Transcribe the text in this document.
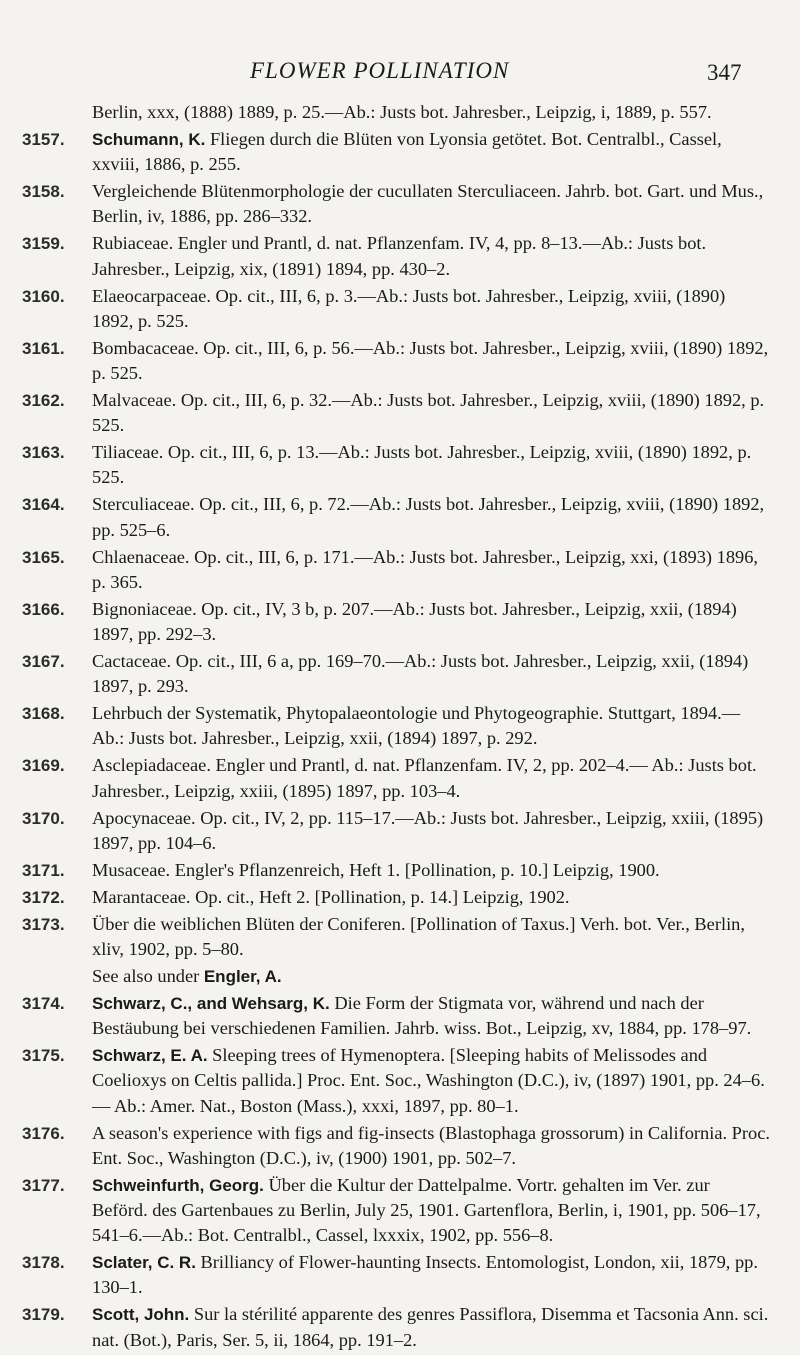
FLOWER POLLINATION	347
Berlin, xxx, (1888) 1889, p. 25.—Ab.: Justs bot. Jahresber., Leipzig, i, 1889, p. 557.
3157.	Schumann, K. Fliegen durch die Blüten von Lyonsia getötet. Bot. Centralbl., Cassel, xxviii, 1886, p. 255.
3158.	Vergleichende Blütenmorphologie der cucullaten Sterculiaceen. Jahrb. bot. Gart. und Mus., Berlin, iv, 1886, pp. 286–332.
3159.	Rubiaceae. Engler und Prantl, d. nat. Pflanzenfam. IV, 4, pp. 8–13.—Ab.: Justs bot. Jahresber., Leipzig, xix, (1891) 1894, pp. 430–2.
3160.	Elaeocarpaceae. Op. cit., III, 6, p. 3.—Ab.: Justs bot. Jahresber., Leipzig, xviii, (1890) 1892, p. 525.
3161.	Bombacaceae. Op. cit., III, 6, p. 56.—Ab.: Justs bot. Jahresber., Leipzig, xviii, (1890) 1892, p. 525.
3162.	Malvaceae. Op. cit., III, 6, p. 32.—Ab.: Justs bot. Jahresber., Leipzig, xviii, (1890) 1892, p. 525.
3163.	Tiliaceae. Op. cit., III, 6, p. 13.—Ab.: Justs bot. Jahresber., Leipzig, xviii, (1890) 1892, p. 525.
3164.	Sterculiaceae. Op. cit., III, 6, p. 72.—Ab.: Justs bot. Jahresber., Leipzig, xviii, (1890) 1892, pp. 525–6.
3165.	Chlaenaceae. Op. cit., III, 6, p. 171.—Ab.: Justs bot. Jahresber., Leipzig, xxi, (1893) 1896, p. 365.
3166.	Bignoniaceae. Op. cit., IV, 3 b, p. 207.—Ab.: Justs bot. Jahresber., Leipzig, xxii, (1894) 1897, pp. 292–3.
3167.	Cactaceae. Op. cit., III, 6 a, pp. 169–70.—Ab.: Justs bot. Jahresber., Leipzig, xxii, (1894) 1897, p. 293.
3168.	Lehrbuch der Systematik, Phytopalaeontologie und Phytogeographie. Stuttgart, 1894.—Ab.: Justs bot. Jahresber., Leipzig, xxii, (1894) 1897, p. 292.
3169.	Asclepiadaceae. Engler und Prantl, d. nat. Pflanzenfam. IV, 2, pp. 202–4.— Ab.: Justs bot. Jahresber., Leipzig, xxiii, (1895) 1897, pp. 103–4.
3170.	Apocynaceae. Op. cit., IV, 2, pp. 115–17.—Ab.: Justs bot. Jahresber., Leipzig, xxiii, (1895) 1897, pp. 104–6.
3171.	Musaceae. Engler's Pflanzenreich, Heft 1. [Pollination, p. 10.] Leipzig, 1900.
3172.	Marantaceae. Op. cit., Heft 2. [Pollination, p. 14.] Leipzig, 1902.
3173.	Über die weiblichen Blüten der Coniferen. [Pollination of Taxus.] Verh. bot. Ver., Berlin, xliv, 1902, pp. 5–80.
See also under Engler, A.
3174.	Schwarz, C., and Wehsarg, K. Die Form der Stigmata vor, während und nach der Bestäubung bei verschiedenen Familien. Jahrb. wiss. Bot., Leipzig, xv, 1884, pp. 178–97.
3175.	Schwarz, E. A. Sleeping trees of Hymenoptera. [Sleeping habits of Melissodes and Coelioxys on Celtis pallida.] Proc. Ent. Soc., Washington (D.C.), iv, (1897) 1901, pp. 24–6. — Ab.: Amer. Nat., Boston (Mass.), xxxi, 1897, pp. 80–1.
3176.	A season's experience with figs and fig-insects (Blastophaga grossorum) in California. Proc. Ent. Soc., Washington (D.C.), iv, (1900) 1901, pp. 502–7.
3177.	Schweinfurth, Georg. Über die Kultur der Dattelpalme. Vortr. gehalten im Ver. zur Beförd. des Gartenbaues zu Berlin, July 25, 1901. Gartenflora, Berlin, i, 1901, pp. 506–17, 541–6.—Ab.: Bot. Centralbl., Cassel, lxxxix, 1902, pp. 556–8.
3178.	Sclater, C. R. Brilliancy of Flower-haunting Insects. Entomologist, London, xii, 1879, pp. 130–1.
3179.	Scott, John. Sur la stérilité apparente des genres Passiflora, Disemma et Tacsonia Ann. sci. nat. (Bot.), Paris, Ser. 5, ii, 1864, pp. 191–2.
